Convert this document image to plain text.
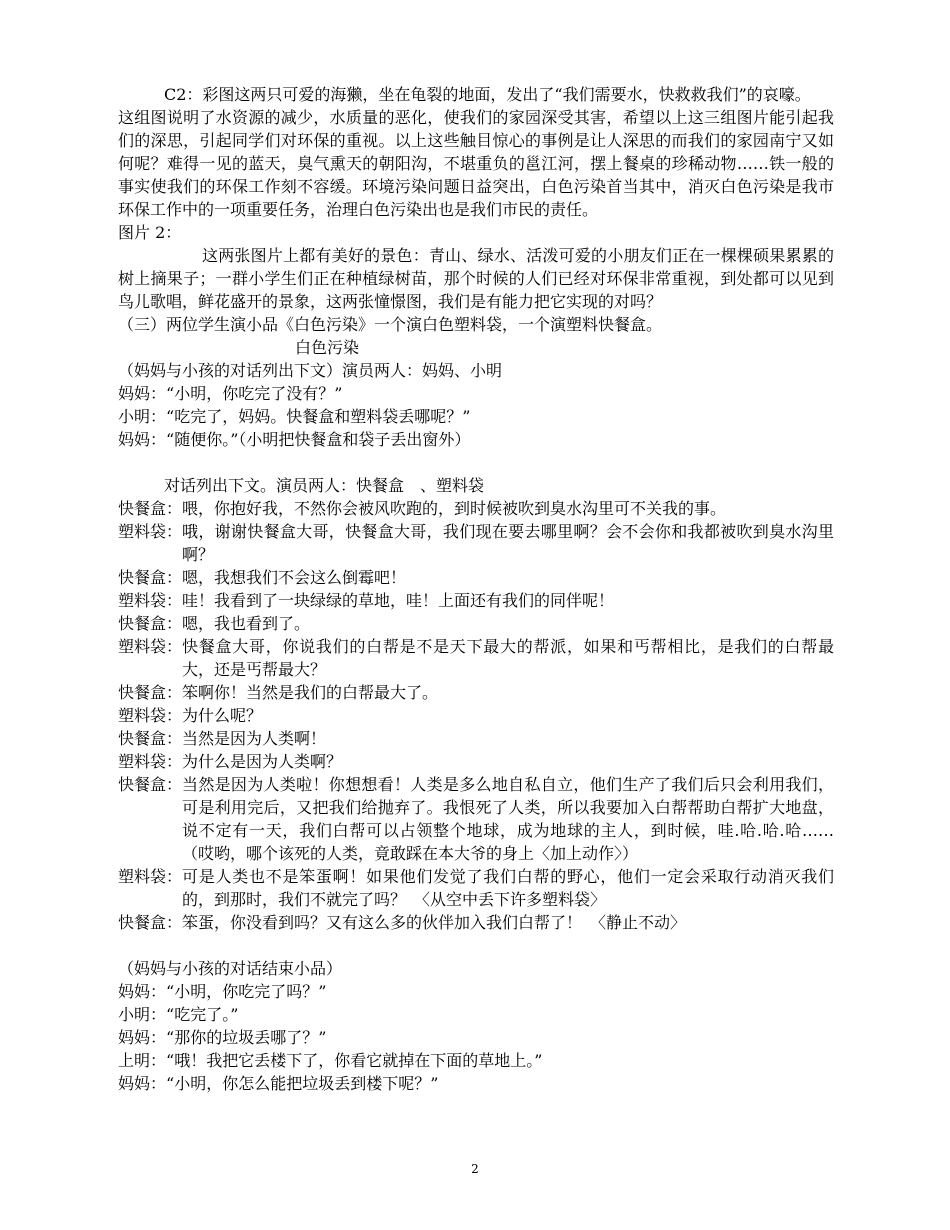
C2：彩图这两只可爱的海獭，坐在龟裂的地面，发出了“我们需要水，快救救我们”的哀嚎。

这组图说明了水资源的减少，水质量的恶化，使我们的家园深受其害，希望以上这三组图片能引起我们的深思，引起同学们对环保的重视。以上这些触目惊心的事例是让人深思的而我们的家园南宁又如何呢？难得一见的蓝天，臭气熏天的朝阳沟，不堪重负的邕江河，摆上餐桌的珍稀动物……铁一般的事实使我们的环保工作刻不容缓。环境污染问题日益突出，白色污染首当其中，消灭白色污染是我市环保工作中的一项重要任务，治理白色污染出也是我们市民的责任。

图片 2：

这两张图片上都有美好的景色：青山、绿水、活泼可爱的小朋友们正在一棵棵硕果累累的树上摘果子；一群小学生们正在种植绿树苗，那个时候的人们已经对环保非常重视，到处都可以见到鸟儿歌唱，鲜花盛开的景象，这两张憧憬图，我们是有能力把它实现的对吗？

（三）两位学生演小品《白色污染》一个演白色塑料袋，一个演塑料快餐盒。

白色污染

（妈妈与小孩的对话列出下文）演员两人：妈妈、小明

妈妈： “小明，你吃完了没有？”
小明： “吃完了，妈妈。快餐盒和塑料袋丢哪呢？”
妈妈： “随便你。”（小明把快餐盒和袋子丢出窗外）

对话列出下文。演员两人：快餐盒　、塑料袋

快餐盒： 喂，你抱好我，不然你会被风吹跑的，到时候被吹到臭水沟里可不关我的事。
塑料袋： 哦，谢谢快餐盒大哥，快餐盒大哥，我们现在要去哪里啊？会不会你和我都被吹到臭水沟里啊？
快餐盒： 嗯，我想我们不会这么倒霉吧！
塑料袋： 哇！我看到了一块绿绿的草地，哇！上面还有我们的同伴呢！
快餐盒： 嗯，我也看到了。
塑料袋： 快餐盒大哥，你说我们的白帮是不是天下最大的帮派，如果和丐帮相比，是我们的白帮最大，还是丐帮最大？
快餐盒： 笨啊你！当然是我们的白帮最大了。
塑料袋： 为什么呢？
快餐盒： 当然是因为人类啊！
塑料袋： 为什么是因为人类啊？
快餐盒： 当然是因为人类啦！你想想看！人类是多么地自私自立，他们生产了我们后只会利用我们，可是利用完后，又把我们给抛弃了。我恨死了人类，所以我要加入白帮帮助白帮扩大地盘，说不定有一天，我们白帮可以占领整个地球，成为地球的主人，到时候，哇.哈.哈.哈……（哎哟，哪个该死的人类，竟敢踩在本大爷的身上〈加上动作〉）
塑料袋： 可是人类也不是笨蛋啊！如果他们发觉了我们白帮的野心，他们一定会采取行动消灭我们的，到那时，我们不就完了吗？　〈从空中丢下许多塑料袋〉
快餐盒： 笨蛋，你没看到吗？又有这么多的伙伴加入我们白帮了！　〈静止不动〉

（妈妈与小孩的对话结束小品）

妈妈： “小明，你吃完了吗？”
小明： “吃完了。”
妈妈： “那你的垃圾丢哪了？”
上明： “哦！我把它丢楼下了，你看它就掉在下面的草地上。”
妈妈： “小明，你怎么能把垃圾丢到楼下呢？”
2
